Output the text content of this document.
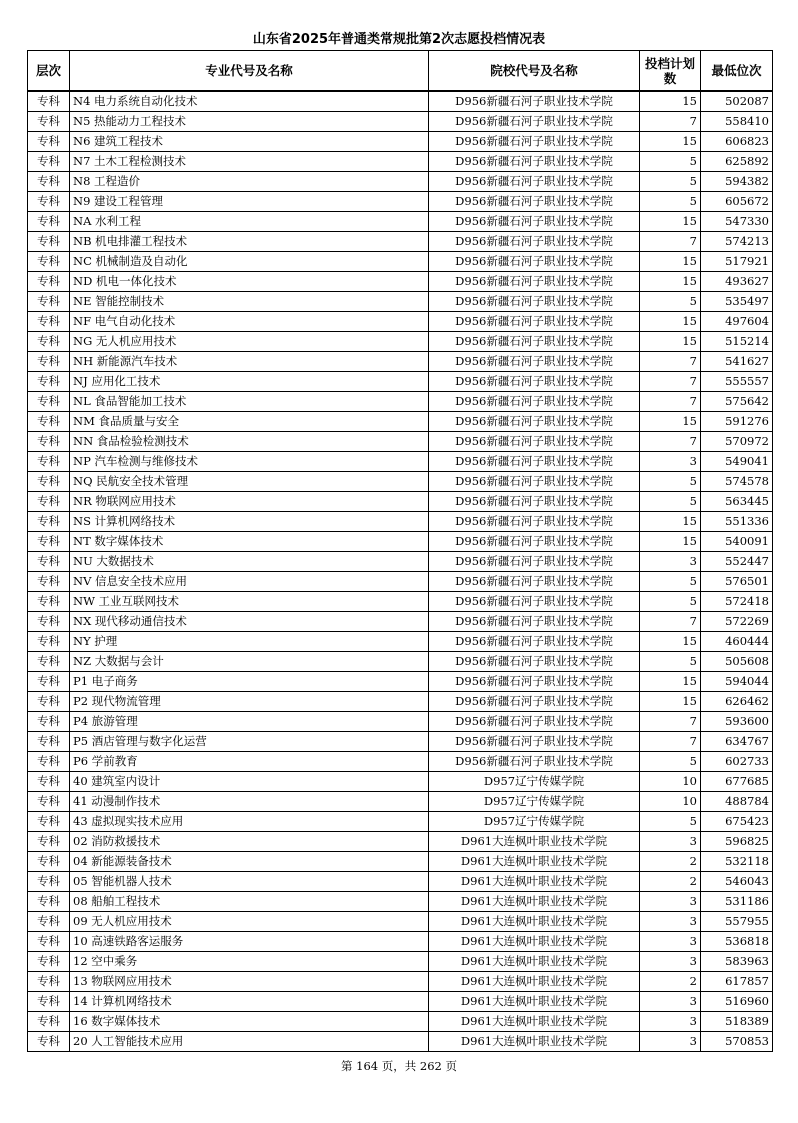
山东省2025年普通类常规批第2次志愿投档情况表
层次	专业代号及名称	院校代号及名称	投档计划数	最低位次
专科	N4 电力系统自动化技术	D956新疆石河子职业技术学院	15	502087
专科	N5 热能动力工程技术	D956新疆石河子职业技术学院	7	558410
专科	N6 建筑工程技术	D956新疆石河子职业技术学院	15	606823
专科	N7 土木工程检测技术	D956新疆石河子职业技术学院	5	625892
专科	N8 工程造价	D956新疆石河子职业技术学院	5	594382
专科	N9 建设工程管理	D956新疆石河子职业技术学院	5	605672
专科	NA 水利工程	D956新疆石河子职业技术学院	15	547330
专科	NB 机电排灌工程技术	D956新疆石河子职业技术学院	7	574213
专科	NC 机械制造及自动化	D956新疆石河子职业技术学院	15	517921
专科	ND 机电一体化技术	D956新疆石河子职业技术学院	15	493627
专科	NE 智能控制技术	D956新疆石河子职业技术学院	5	535497
专科	NF 电气自动化技术	D956新疆石河子职业技术学院	15	497604
专科	NG 无人机应用技术	D956新疆石河子职业技术学院	15	515214
专科	NH 新能源汽车技术	D956新疆石河子职业技术学院	7	541627
专科	NJ 应用化工技术	D956新疆石河子职业技术学院	7	555557
专科	NL 食品智能加工技术	D956新疆石河子职业技术学院	7	575642
专科	NM 食品质量与安全	D956新疆石河子职业技术学院	15	591276
专科	NN 食品检验检测技术	D956新疆石河子职业技术学院	7	570972
专科	NP 汽车检测与维修技术	D956新疆石河子职业技术学院	3	549041
专科	NQ 民航安全技术管理	D956新疆石河子职业技术学院	5	574578
专科	NR 物联网应用技术	D956新疆石河子职业技术学院	5	563445
专科	NS 计算机网络技术	D956新疆石河子职业技术学院	15	551336
专科	NT 数字媒体技术	D956新疆石河子职业技术学院	15	540091
专科	NU 大数据技术	D956新疆石河子职业技术学院	3	552447
专科	NV 信息安全技术应用	D956新疆石河子职业技术学院	5	576501
专科	NW 工业互联网技术	D956新疆石河子职业技术学院	5	572418
专科	NX 现代移动通信技术	D956新疆石河子职业技术学院	7	572269
专科	NY 护理	D956新疆石河子职业技术学院	15	460444
专科	NZ 大数据与会计	D956新疆石河子职业技术学院	5	505608
专科	P1 电子商务	D956新疆石河子职业技术学院	15	594044
专科	P2 现代物流管理	D956新疆石河子职业技术学院	15	626462
专科	P4 旅游管理	D956新疆石河子职业技术学院	7	593600
专科	P5 酒店管理与数字化运营	D956新疆石河子职业技术学院	7	634767
专科	P6 学前教育	D956新疆石河子职业技术学院	5	602733
专科	40 建筑室内设计	D957辽宁传媒学院	10	677685
专科	41 动漫制作技术	D957辽宁传媒学院	10	488784
专科	43 虚拟现实技术应用	D957辽宁传媒学院	5	675423
专科	02 消防救援技术	D961大连枫叶职业技术学院	3	596825
专科	04 新能源装备技术	D961大连枫叶职业技术学院	2	532118
专科	05 智能机器人技术	D961大连枫叶职业技术学院	2	546043
专科	08 船舶工程技术	D961大连枫叶职业技术学院	3	531186
专科	09 无人机应用技术	D961大连枫叶职业技术学院	3	557955
专科	10 高速铁路客运服务	D961大连枫叶职业技术学院	3	536818
专科	12 空中乘务	D961大连枫叶职业技术学院	3	583963
专科	13 物联网应用技术	D961大连枫叶职业技术学院	2	617857
专科	14 计算机网络技术	D961大连枫叶职业技术学院	3	516960
专科	16 数字媒体技术	D961大连枫叶职业技术学院	3	518389
专科	20 人工智能技术应用	D961大连枫叶职业技术学院	3	570853
第 164 页，共 262 页
